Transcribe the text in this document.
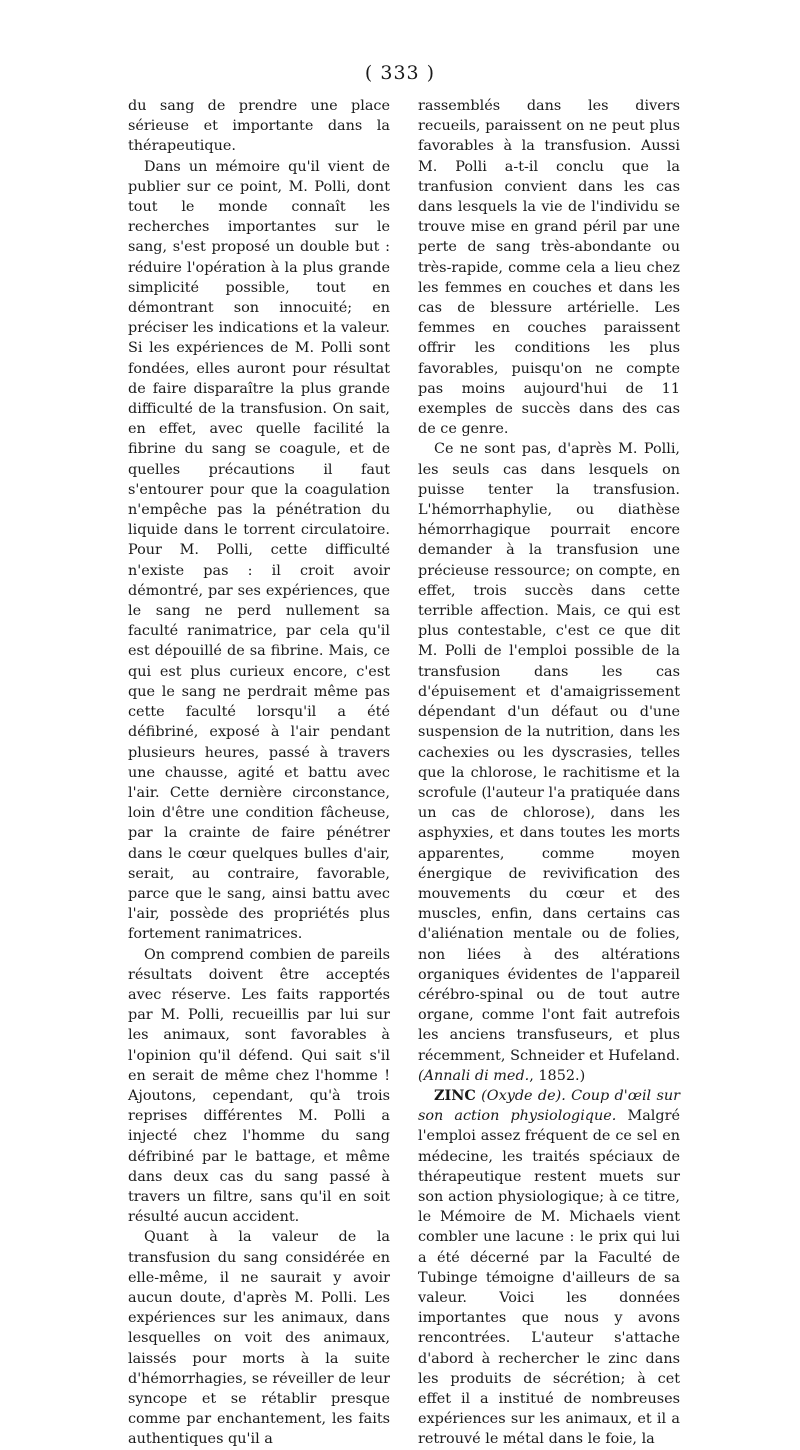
( 333 )

du sang de prendre une place sérieuse et importante dans la thérapeutique.

Dans un mémoire qu'il vient de publier sur ce point, M. Polli, dont tout le monde connaît les recherches importantes sur le sang, s'est proposé un double but : réduire l'opération à la plus grande simplicité possible, tout en démontrant son innocuité; en préciser les indications et la valeur. Si les expériences de M. Polli sont fondées, elles auront pour résultat de faire disparaître la plus grande difficulté de la transfusion. On sait, en effet, avec quelle facilité la fibrine du sang se coagule, et de quelles précautions il faut s'entourer pour que la coagulation n'empêche pas la pénétration du liquide dans le torrent circulatoire. Pour M. Polli, cette difficulté n'existe pas : il croit avoir démontré, par ses expériences, que le sang ne perd nullement sa faculté ranimatrice, par cela qu'il est dépouillé de sa fibrine. Mais, ce qui est plus curieux encore, c'est que le sang ne perdrait même pas cette faculté lorsqu'il a été défibriné, exposé à l'air pendant plusieurs heures, passé à travers une chausse, agité et battu avec l'air. Cette dernière circonstance, loin d'être une condition fâcheuse, par la crainte de faire pénétrer dans le cœur quelques bulles d'air, serait, au contraire, favorable, parce que le sang, ainsi battu avec l'air, possède des propriétés plus fortement ranimatrices.

On comprend combien de pareils résultats doivent être acceptés avec réserve. Les faits rapportés par M. Polli, recueillis par lui sur les animaux, sont favorables à l'opinion qu'il défend. Qui sait s'il en serait de même chez l'homme ! Ajoutons, cependant, qu'à trois reprises différentes M. Polli a injecté chez l'homme du sang défribiné par le battage, et même dans deux cas du sang passé à travers un filtre, sans qu'il en soit résulté aucun accident.

Quant à la valeur de la transfusion du sang considérée en elle-même, il ne saurait y avoir aucun doute, d'après M. Polli. Les expériences sur les animaux, dans lesquelles on voit des animaux, laissés pour morts à la suite d'hémorrhagies, se réveiller de leur syncope et se rétablir presque comme par enchantement, les faits authentiques qu'il a

rassemblés dans les divers recueils, paraissent on ne peut plus favorables à la transfusion. Aussi M. Polli a-t-il conclu que la tranfusion convient dans les cas dans lesquels la vie de l'individu se trouve mise en grand péril par une perte de sang très-abondante ou très-rapide, comme cela a lieu chez les femmes en couches et dans les cas de blessure artérielle. Les femmes en couches paraissent offrir les conditions les plus favorables, puisqu'on ne compte pas moins aujourd'hui de 11 exemples de succès dans des cas de ce genre.

Ce ne sont pas, d'après M. Polli, les seuls cas dans lesquels on puisse tenter la transfusion. L'hémorrhaphylie, ou diathèse hémorrhagique pourrait encore demander à la transfusion une précieuse ressource; on compte, en effet, trois succès dans cette terrible affection. Mais, ce qui est plus contestable, c'est ce que dit M. Polli de l'emploi possible de la transfusion dans les cas d'épuisement et d'amaigrissement dépendant d'un défaut ou d'une suspension de la nutrition, dans les cachexies ou les dyscrasies, telles que la chlorose, le rachitisme et la scrofule (l'auteur l'a pratiquée dans un cas de chlorose), dans les asphyxies, et dans toutes les morts apparentes, comme moyen énergique de revivification des mouvements du cœur et des muscles, enfin, dans certains cas d'aliénation mentale ou de folies, non liées à des altérations organiques évidentes de l'appareil cérébro-spinal ou de tout autre organe, comme l'ont fait autrefois les anciens transfuseurs, et plus récemment, Schneider et Hufeland. (Annali di med., 1852.)

ZINC (Oxyde de). Coup d'œil sur son action physiologique. Malgré l'emploi assez fréquent de ce sel en médecine, les traités spéciaux de thérapeutique restent muets sur son action physiologique; à ce titre, le Mémoire de M. Michaels vient combler une lacune : le prix qui lui a été décerné par la Faculté de Tubinge témoigne d'ailleurs de sa valeur. Voici les données importantes que nous y avons rencontrées. L'auteur s'attache d'abord à rechercher le zinc dans les produits de sécrétion; à cet effet il a institué de nombreuses expériences sur les animaux, et il a retrouvé le métal dans le foie, la
